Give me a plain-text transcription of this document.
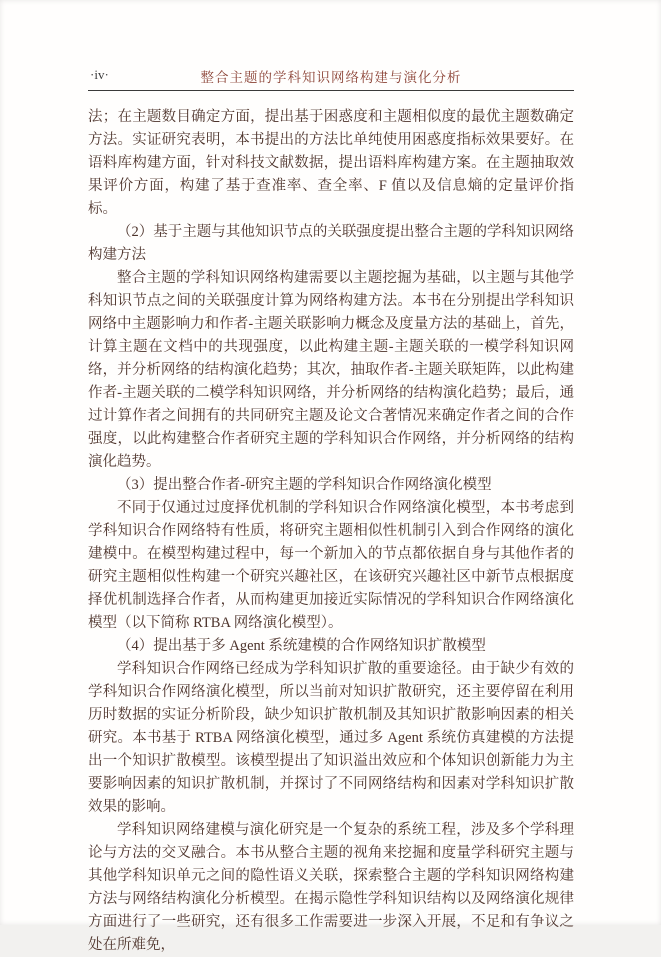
·iv·	整合主题的学科知识网络构建与演化分析

法；在主题数目确定方面，提出基于困惑度和主题相似度的最优主题数确定方法。实证研究表明，本书提出的方法比单纯使用困惑度指标效果要好。在语料库构建方面，针对科技文献数据，提出语料库构建方案。在主题抽取效果评价方面，构建了基于查准率、查全率、F 值以及信息熵的定量评价指标。

（2）基于主题与其他知识节点的关联强度提出整合主题的学科知识网络构建方法

整合主题的学科知识网络构建需要以主题挖掘为基础，以主题与其他学科知识节点之间的关联强度计算为网络构建方法。本书在分别提出学科知识网络中主题影响力和作者-主题关联影响力概念及度量方法的基础上，首先，计算主题在文档中的共现强度，以此构建主题-主题关联的一模学科知识网络，并分析网络的结构演化趋势；其次，抽取作者-主题关联矩阵，以此构建作者-主题关联的二模学科知识网络，并分析网络的结构演化趋势；最后，通过计算作者之间拥有的共同研究主题及论文合著情况来确定作者之间的合作强度，以此构建整合作者研究主题的学科知识合作网络，并分析网络的结构演化趋势。

（3）提出整合作者-研究主题的学科知识合作网络演化模型

不同于仅通过过度择优机制的学科知识合作网络演化模型，本书考虑到学科知识合作网络特有性质，将研究主题相似性机制引入到合作网络的演化建模中。在模型构建过程中，每一个新加入的节点都依据自身与其他作者的研究主题相似性构建一个研究兴趣社区，在该研究兴趣社区中新节点根据度择优机制选择合作者，从而构建更加接近实际情况的学科知识合作网络演化模型（以下简称 RTBA 网络演化模型）。

（4）提出基于多 Agent 系统建模的合作网络知识扩散模型

学科知识合作网络已经成为学科知识扩散的重要途径。由于缺少有效的学科知识合作网络演化模型，所以当前对知识扩散研究，还主要停留在利用历时数据的实证分析阶段，缺少知识扩散机制及其知识扩散影响因素的相关研究。本书基于 RTBA 网络演化模型，通过多 Agent 系统仿真建模的方法提出一个知识扩散模型。该模型提出了知识溢出效应和个体知识创新能力为主要影响因素的知识扩散机制，并探讨了不同网络结构和因素对学科知识扩散效果的影响。

学科知识网络建模与演化研究是一个复杂的系统工程，涉及多个学科理论与方法的交叉融合。本书从整合主题的视角来挖掘和度量学科研究主题与其他学科知识单元之间的隐性语义关联，探索整合主题的学科知识网络构建方法与网络结构演化分析模型。在揭示隐性学科知识结构以及网络演化规律方面进行了一些研究，还有很多工作需要进一步深入开展，不足和有争议之处在所难免，
